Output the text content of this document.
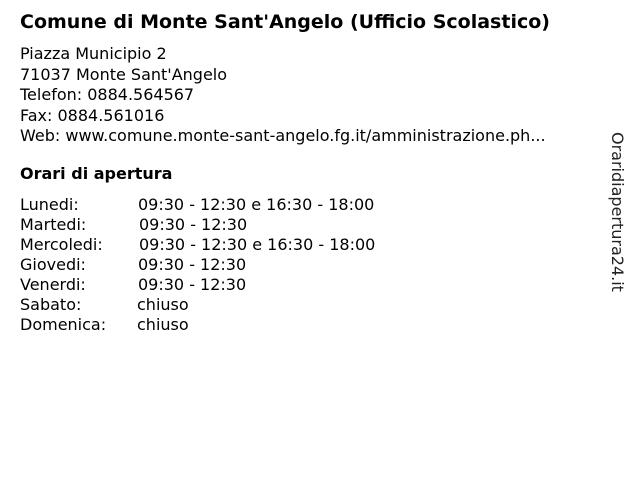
Comune di Monte Sant'Angelo (Ufficio Scolastico)
Piazza Municipio 2
71037 Monte Sant'Angelo
Telefon: 0884.564567
Fax: 0884.561016
Web: www.comune.monte-sant-angelo.fg.it/amministrazione.ph...
Orari di apertura
Lunedi:	09:30 - 12:30 e 16:30 - 18:00
Martedi:	09:30 - 12:30
Mercoledi: 09:30 - 12:30 e 16:30 - 18:00
Giovedi:	09:30 - 12:30
Venerdi:	09:30 - 12:30
Sabato:	chiuso
Domenica: chiuso
Oraridiapertura24.it
